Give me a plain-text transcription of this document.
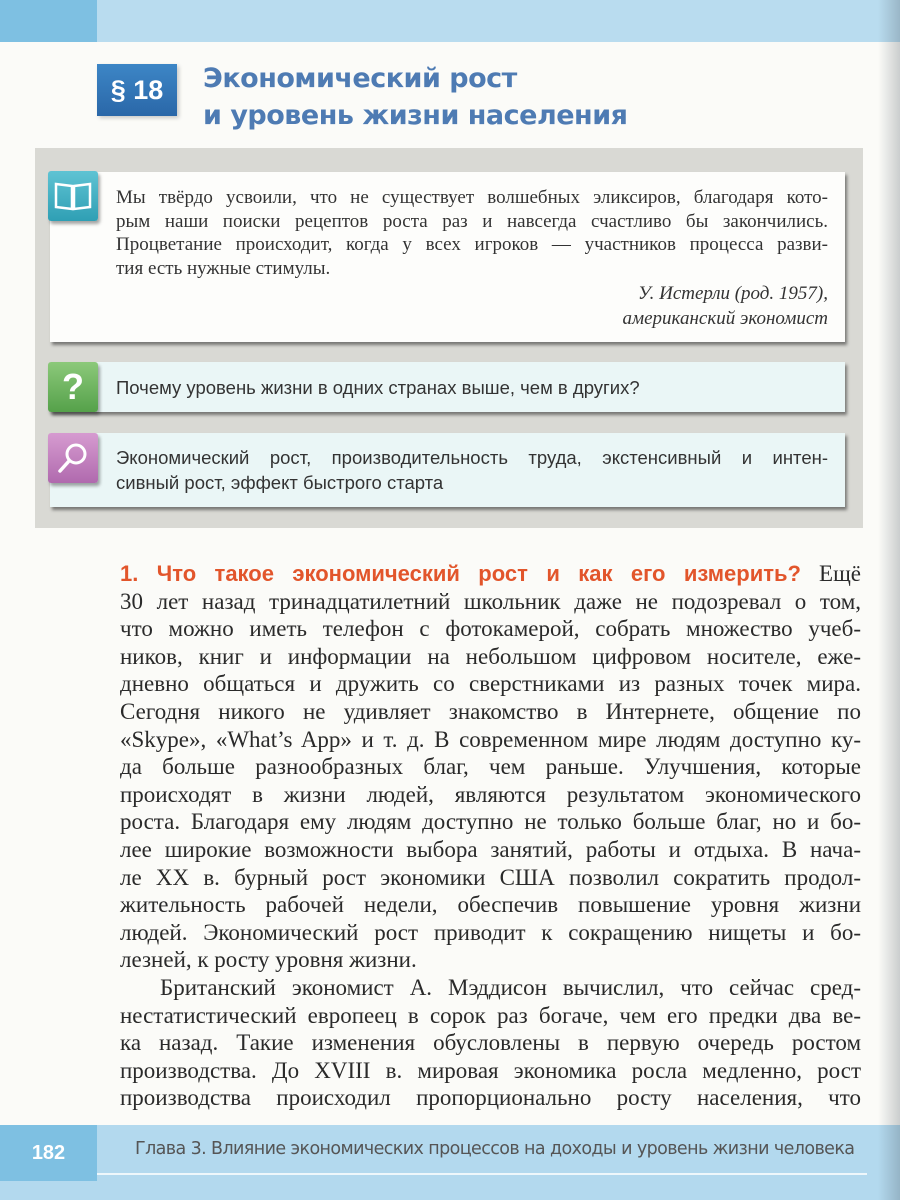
§ 18	Экономический рост
и уровень жизни населения
Мы твёрдо усвоили, что не существует волшебных эликсиров, благодаря кото-
рым наши поиски рецептов роста раз и навсегда счастливо бы закончились.
Процветание происходит, когда у всех игроков — участников процесса разви-
тия есть нужные стимулы.
У. Истерли (род. 1957),
американский экономист
?	Почему уровень жизни в одних странах выше, чем в других?
Экономический рост, производительность труда, экстенсивный и интен-
сивный рост, эффект быстрого старта
1. Что такое экономический рост и как его измерить? Ещё
30 лет назад тринадцатилетний школьник даже не подозревал о том,
что можно иметь телефон с фотокамерой, собрать множество учеб-
ников, книг и информации на небольшом цифровом носителе, еже-
дневно общаться и дружить со сверстниками из разных точек мира.
Сегодня никого не удивляет знакомство в Интернете, общение по
«Skype», «What’s App» и т. д. В современном мире людям доступно ку-
да больше разнообразных благ, чем раньше. Улучшения, которые
происходят в жизни людей, являются результатом экономического
роста. Благодаря ему людям доступно не только больше благ, но и бо-
лее широкие возможности выбора занятий, работы и отдыха. В нача-
ле XX в. бурный рост экономики США позволил сократить продол-
жительность рабочей недели, обеспечив повышение уровня жизни
людей. Экономический рост приводит к сокращению нищеты и бо-
лезней, к росту уровня жизни.
Британский экономист А. Мэддисон вычислил, что сейчас сред-
нестатистический европеец в сорок раз богаче, чем его предки два ве-
ка назад. Такие изменения обусловлены в первую очередь ростом
производства. До XVIII в. мировая экономика росла медленно, рост
производства происходил пропорционально росту населения, что
182	Глава 3. Влияние экономических процессов на доходы и уровень жизни человека
